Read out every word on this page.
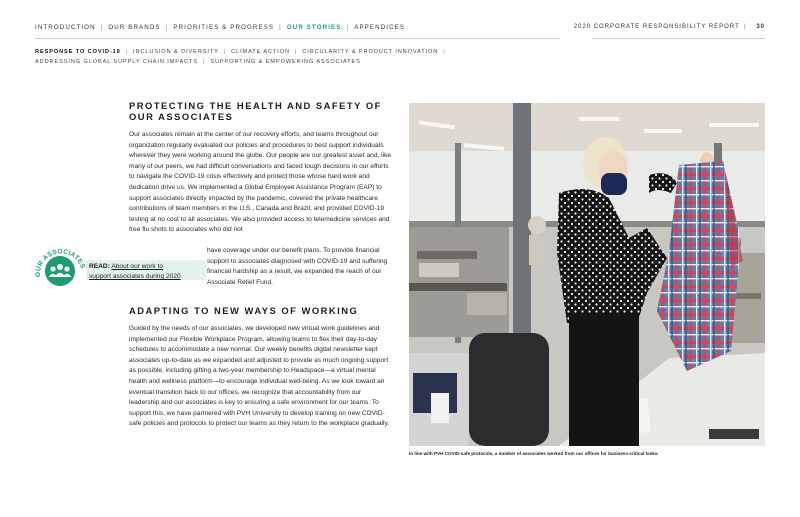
INTRODUCTION | OUR BRANDS | PRIORITIES & PROGRESS | OUR STORIES | APPENDICES	2020 CORPORATE RESPONSIBILITY REPORT | 30
RESPONSE TO COVID-19 | INCLUSION & DIVERSITY | CLIMATE ACTION | CIRCULARITY & PRODUCT INNOVATION |
ADDRESSING GLOBAL SUPPLY CHAIN IMPACTS | SUPPORTING & EMPOWERING ASSOCIATES
PROTECTING THE HEALTH AND SAFETY OF OUR ASSOCIATES
Our associates remain at the center of our recovery efforts, and teams throughout our organization regularly evaluated our policies and procedures to best support individuals wherever they were working around the globe. Our people are our greatest asset and, like many of our peers, we had difficult conversations and faced tough decisions in our efforts to navigate the COVID-19 crisis effectively and protect those whose hard work and dedication drive us. We implemented a Global Employee Assistance Program (EAP) to support associates directly impacted by the pandemic, covered the private healthcare contributions of team members in the U.S., Canada and Brazil, and provided COVID-19 testing at no cost to all associates. We also provided access to telemedicine services and free flu shots to associates who did not
have coverage under our benefit plans. To provide financial support to associates diagnosed with COVID-19 and suffering financial hardship as a result, we expanded the reach of our Associate Relief Fund.
OUR ASSOCIATES READ: About our work to
support associates during 2020
ADAPTING TO NEW WAYS OF WORKING
Guided by the needs of our associates, we developed new virtual work guidelines and implemented our Flexible Workplace Program, allowing teams to flex their day-to-day schedules to accommodate a new normal. Our weekly benefits digital newsletter kept associates up-to-date as we expanded and adjusted to provide as much ongoing support as possible, including gifting a two-year membership to Headspace—a virtual mental health and wellness platform—to encourage individual well-being. As we look toward an eventual transition back to our offices, we recognize that accountability from our leadership and our associates is key to ensuring a safe environment for our teams. To support this, we have partnered with PVH University to develop training on new COVID-safe policies and protocols to protect our teams as they return to the workplace gradually.
In line with PVH COVID-safe protocols, a number of associates worked from our offices for business-critical tasks.
